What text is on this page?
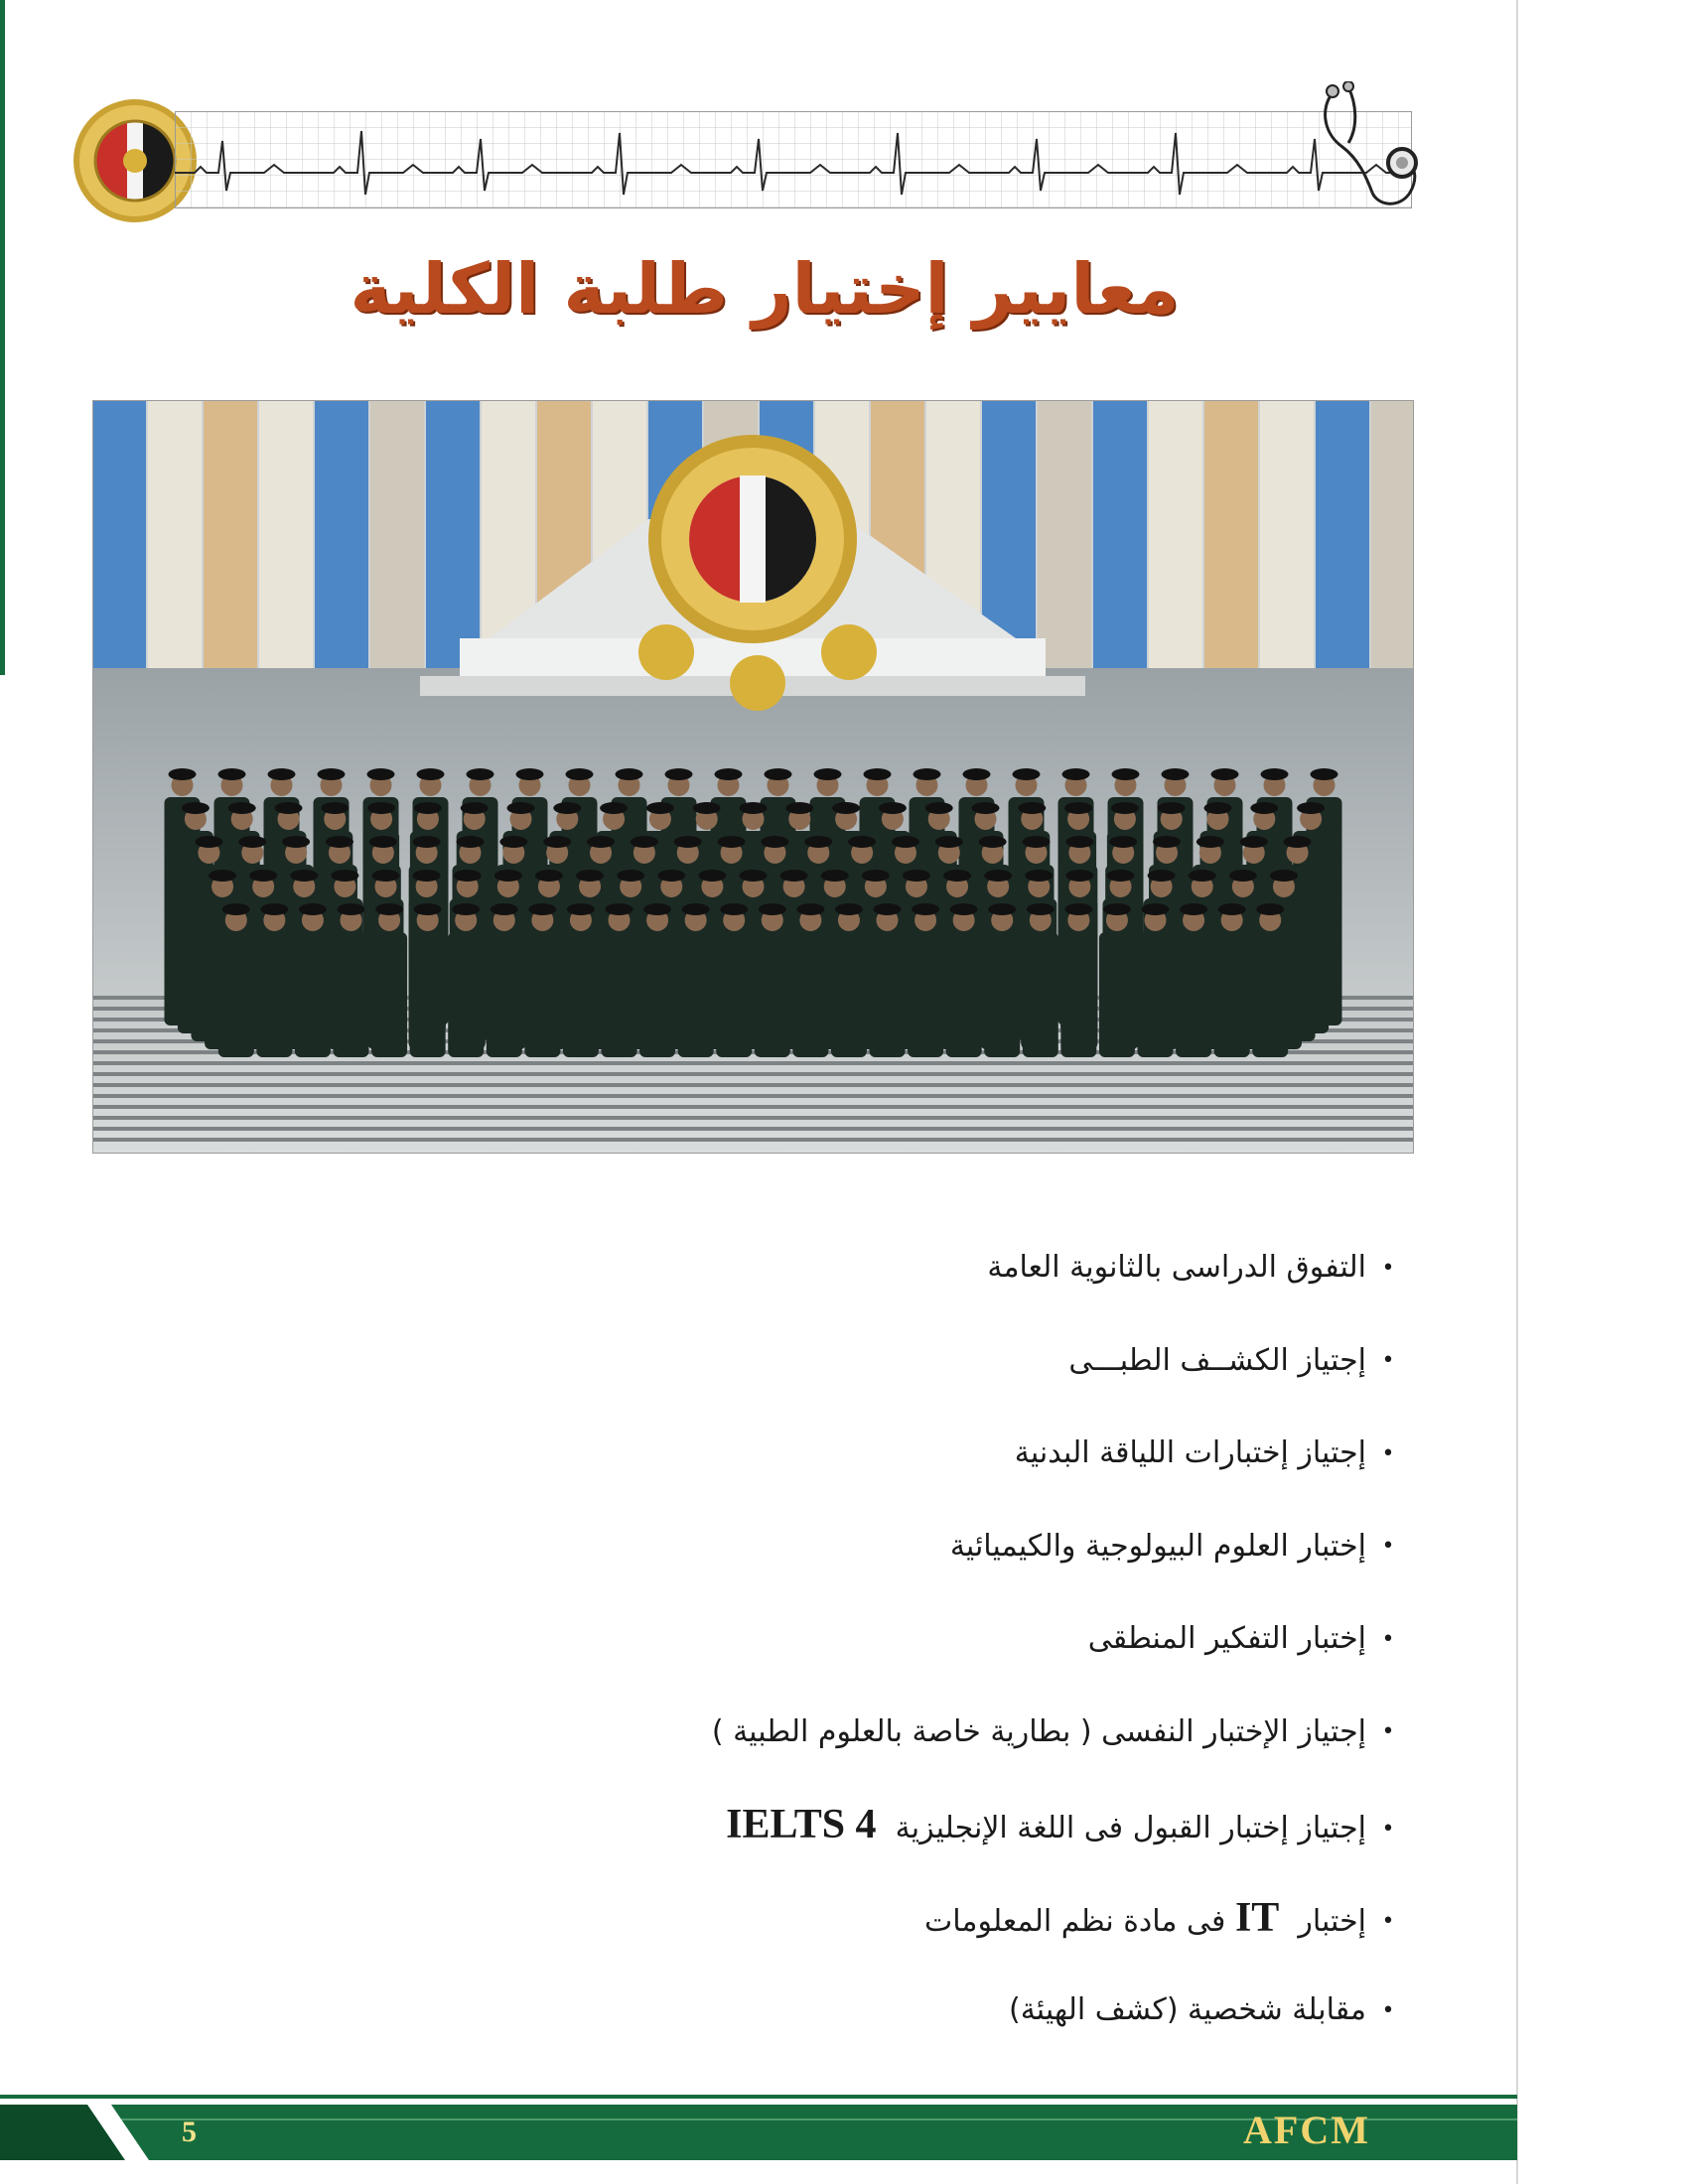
معايير إختيار طلبة الكلية
•التفوق الدراسى بالثانوية العامة
•إجتياز الكشــف الطبـــى
•إجتياز إختبارات اللياقة البدنية
•إختبار العلوم البيولوجية والكيميائية
•إختبار التفكير المنطقى
•إجتياز الإختبار النفسى ( بطارية خاصة بالعلوم الطبية )
•إجتياز إختبار القبول فى اللغة الإنجليزية  IELTS 4
•إختبار  IT فى مادة نظم المعلومات
•مقابلة شخصية (كشف الهيئة)
5	AFCM
